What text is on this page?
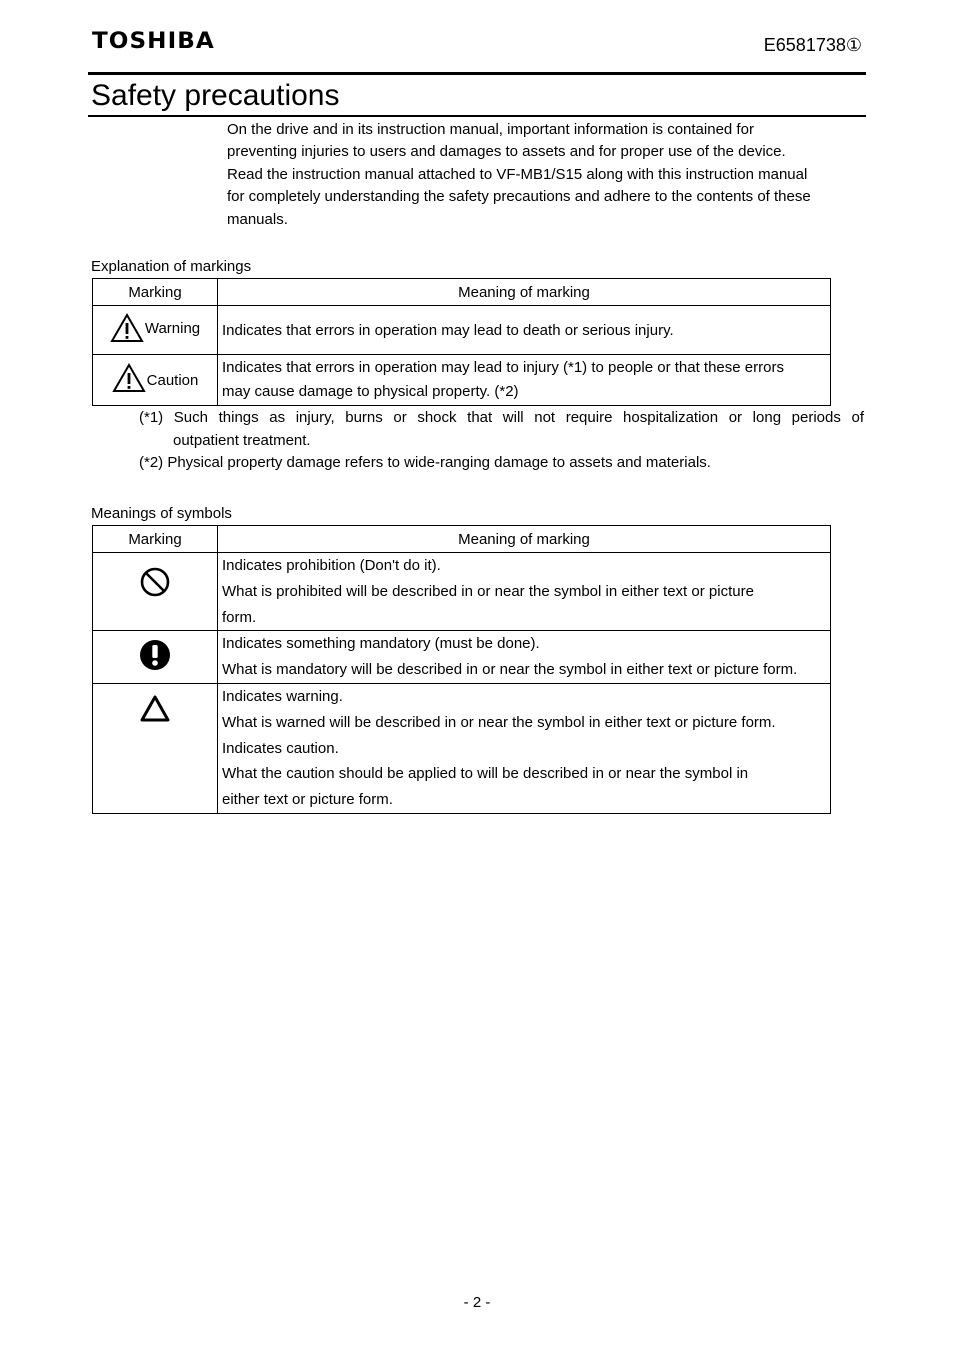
TOSHIBA	E6581738①
Safety precautions
On the drive and in its instruction manual, important information is contained for
preventing injuries to users and damages to assets and for proper use of the device.
Read the instruction manual attached to VF-MB1/S15 along with this instruction manual
for completely understanding the safety precautions and adhere to the contents of these
manuals.
Explanation of markings
Marking	Meaning of marking

Warning	Indicates that errors in operation may lead to death or serious injury.

Caution	Indicates that errors in operation may lead to injury (*1) to people or that these errors
may cause damage to physical property. (*2)
(*1) Such things as injury, burns or shock that will not require hospitalization or long periods of
outpatient treatment.
(*2) Physical property damage refers to wide-ranging damage to assets and materials.
Meanings of symbols
Marking	Meaning of marking

Indicates prohibition (Don't do it).
What is prohibited will be described in or near the symbol in either text or picture
form.

Indicates something mandatory (must be done).
What is mandatory will be described in or near the symbol in either text or picture form.

Indicates warning.
What is warned will be described in or near the symbol in either text or picture form.
Indicates caution.
What the caution should be applied to will be described in or near the symbol in
either text or picture form.
- 2 -
